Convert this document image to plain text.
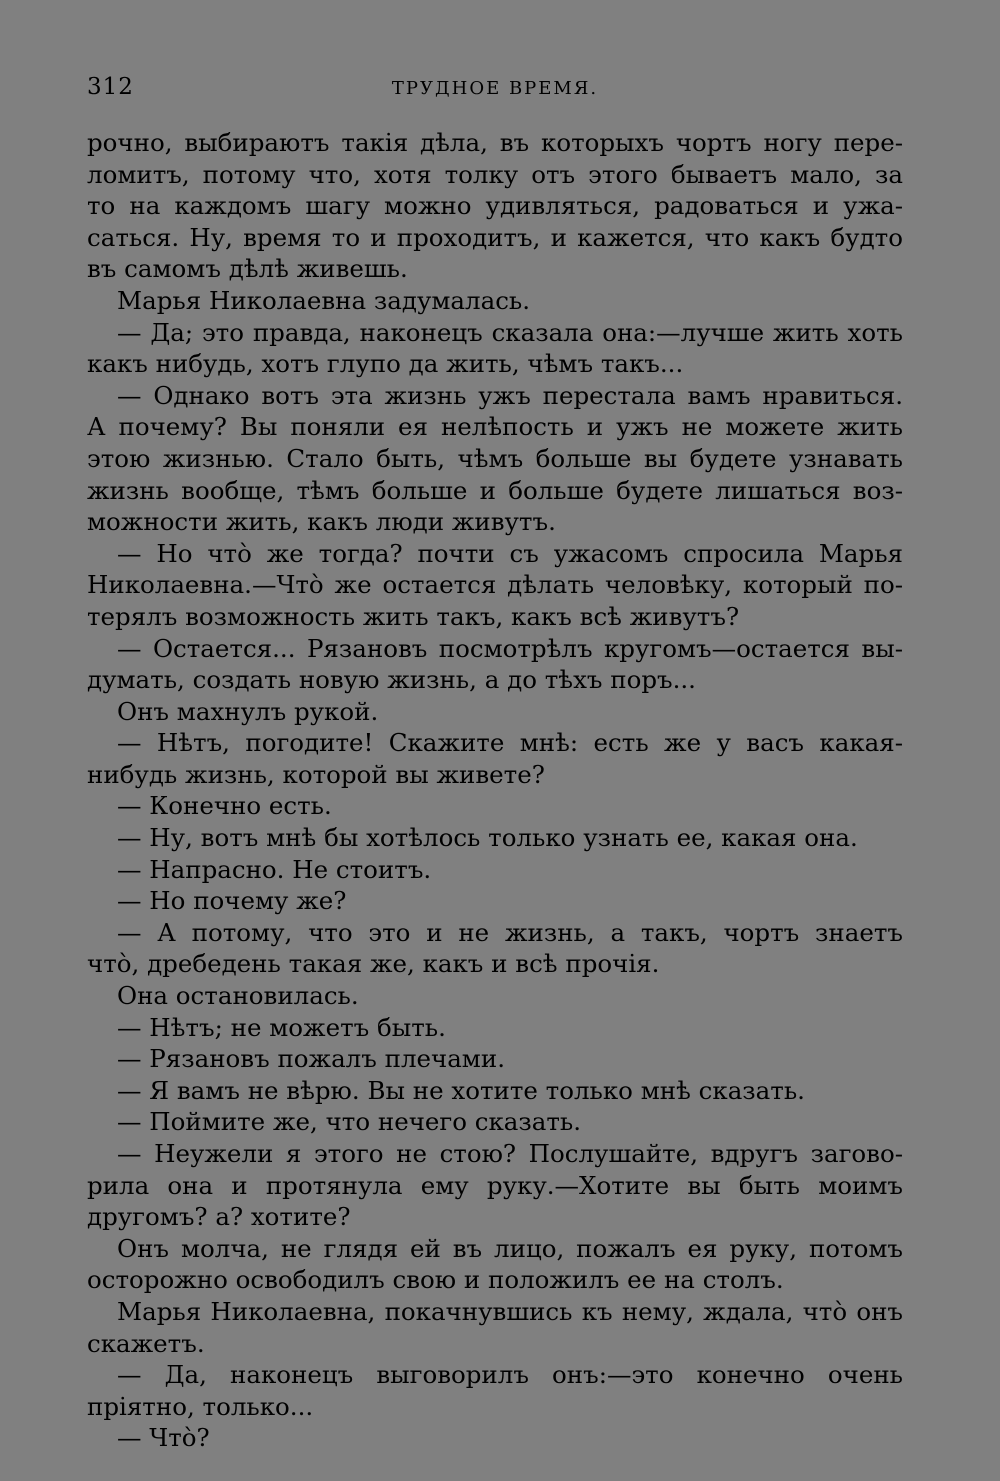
312	ТРУДНОЕ ВРЕМЯ.
рочно, выбираютъ такія дѣла, въ которыхъ чортъ ногу пере-
ломитъ, потому что, хотя толку отъ этого бываетъ мало, за
то на каждомъ шагу можно удивляться, радоваться и ужа-
саться. Ну, время то и проходитъ, и кажется, что какъ будто
въ самомъ дѣлѣ живешь.
Марья Николаевна задумалась.
— Да; это правда, наконецъ сказала она:—лучше жить хоть
какъ нибудь, хотъ глупо да жить, чѣмъ такъ...
— Однако вотъ эта жизнь ужъ перестала вамъ нравиться.
А почему? Вы поняли ея нелѣпость и ужъ не можете жить
этою жизнью. Стало быть, чѣмъ больше вы будете узнавать
жизнь вообще, тѣмъ больше и больше будете лишаться воз-
можности жить, какъ люди живутъ.
— Но что̀ же тогда? почти съ ужасомъ спросила Марья
Николаевна.—Что̀ же остается дѣлать человѣку, который по-
терялъ возможность жить такъ, какъ всѣ живутъ?
— Остается... Рязановъ посмотрѣлъ кругомъ—остается вы-
думать, создать новую жизнь, а до тѣхъ поръ...
Онъ махнулъ рукой.
— Нѣтъ, погодите! Скажите мнѣ: есть же у васъ какая-
нибудь жизнь, которой вы живете?
— Конечно есть.
— Ну, вотъ мнѣ бы хотѣлось только узнать ее, какая она.
— Напрасно. Не стоитъ.
— Но почему же?
— А потому, что это и не жизнь, а такъ, чортъ знаетъ
что̀, дребедень такая же, какъ и всѣ прочія.
Она остановилась.
— Нѣтъ; не можетъ быть.
— Рязановъ пожалъ плечами.
— Я вамъ не вѣрю. Вы не хотите только мнѣ сказать.
— Поймите же, что нечего сказать.
— Неужели я этого не стою? Послушайте, вдругъ загово-
рила она и протянула ему руку.—Хотите вы быть моимъ
другомъ? а? хотите?
Онъ молча, не глядя ей въ лицо, пожалъ ея руку, потомъ
осторожно освободилъ свою и положилъ ее на столъ.
Марья Николаевна, покачнувшись къ нему, ждала, что̀ онъ
скажетъ.
— Да, наконецъ выговорилъ онъ:—это конечно очень
пріятно, только...
— Что̀?
